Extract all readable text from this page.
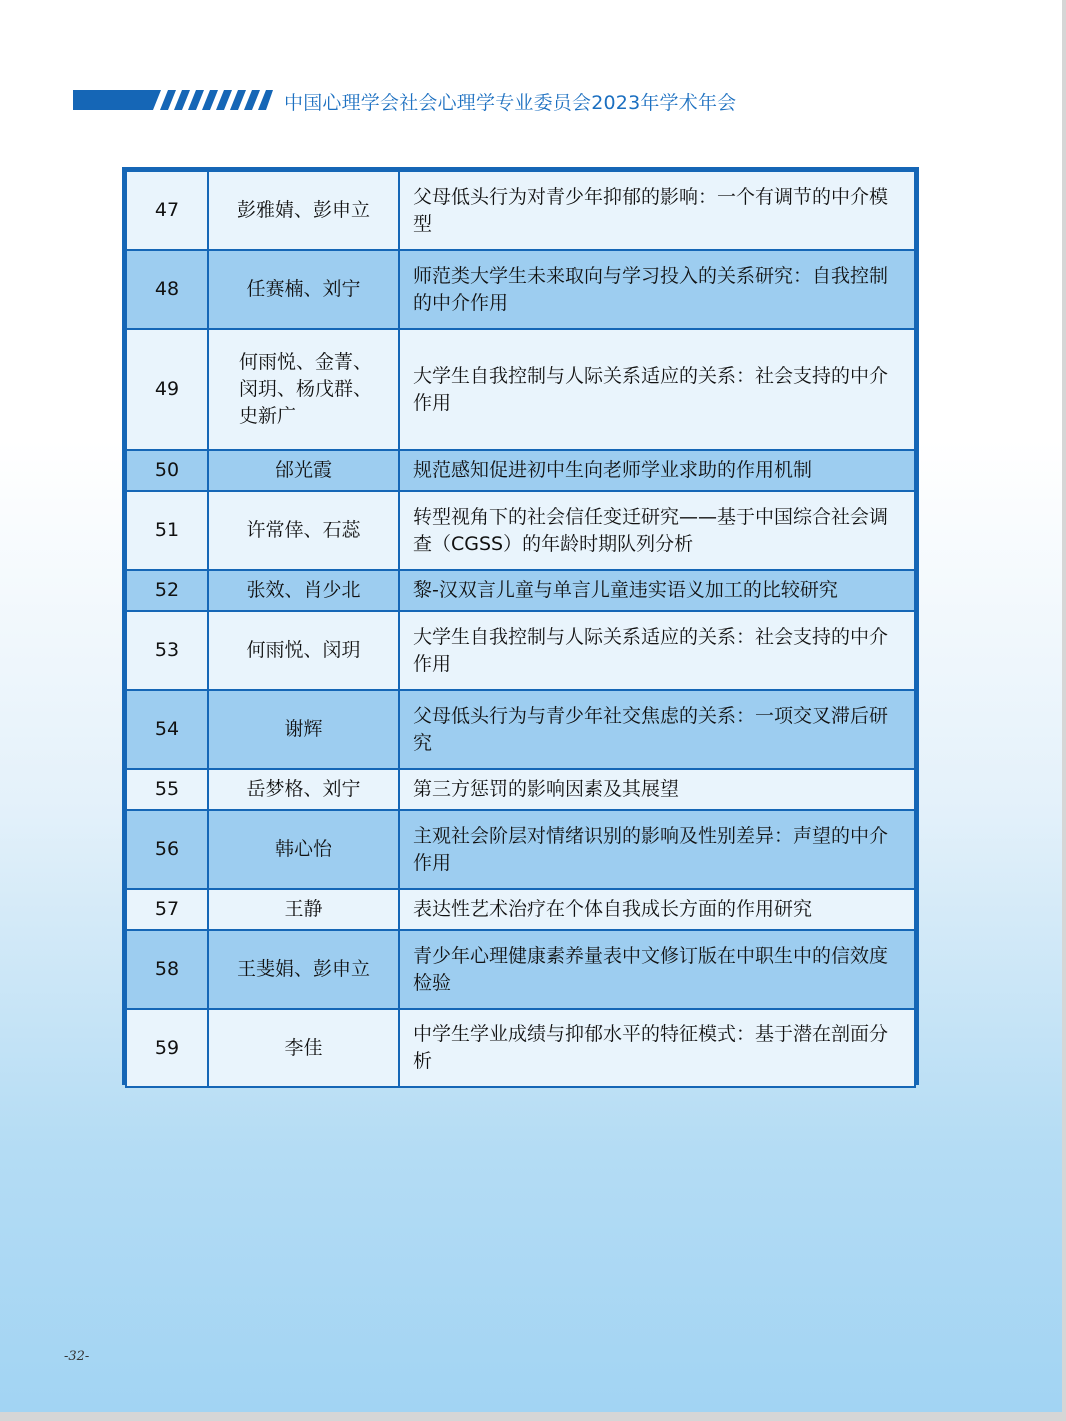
中国心理学会社会心理学专业委员会2023年学术年会
47	彭雅婧、彭申立	父母低头行为对青少年抑郁的影响：一个有调节的中介模型
48	任赛楠、刘宁	师范类大学生未来取向与学习投入的关系研究：自我控制的中介作用
49	何雨悦、金菁、闵玥、杨戊群、史新广	大学生自我控制与人际关系适应的关系：社会支持的中介作用
50	邰光霞	规范感知促进初中生向老师学业求助的作用机制
51	许常倖、石蕊	转型视角下的社会信任变迁研究——基于中国综合社会调查（CGSS）的年龄时期队列分析
52	张效、肖少北	黎-汉双言儿童与单言儿童违实语义加工的比较研究
53	何雨悦、闵玥	大学生自我控制与人际关系适应的关系：社会支持的中介作用
54	谢辉	父母低头行为与青少年社交焦虑的关系：一项交叉滞后研究
55	岳梦格、刘宁	第三方惩罚的影响因素及其展望
56	韩心怡	主观社会阶层对情绪识别的影响及性别差异：声望的中介作用
57	王静	表达性艺术治疗在个体自我成长方面的作用研究
58	王斐娟、彭申立	青少年心理健康素养量表中文修订版在中职生中的信效度检验
59	李佳	中学生学业成绩与抑郁水平的特征模式：基于潜在剖面分析
-32-
